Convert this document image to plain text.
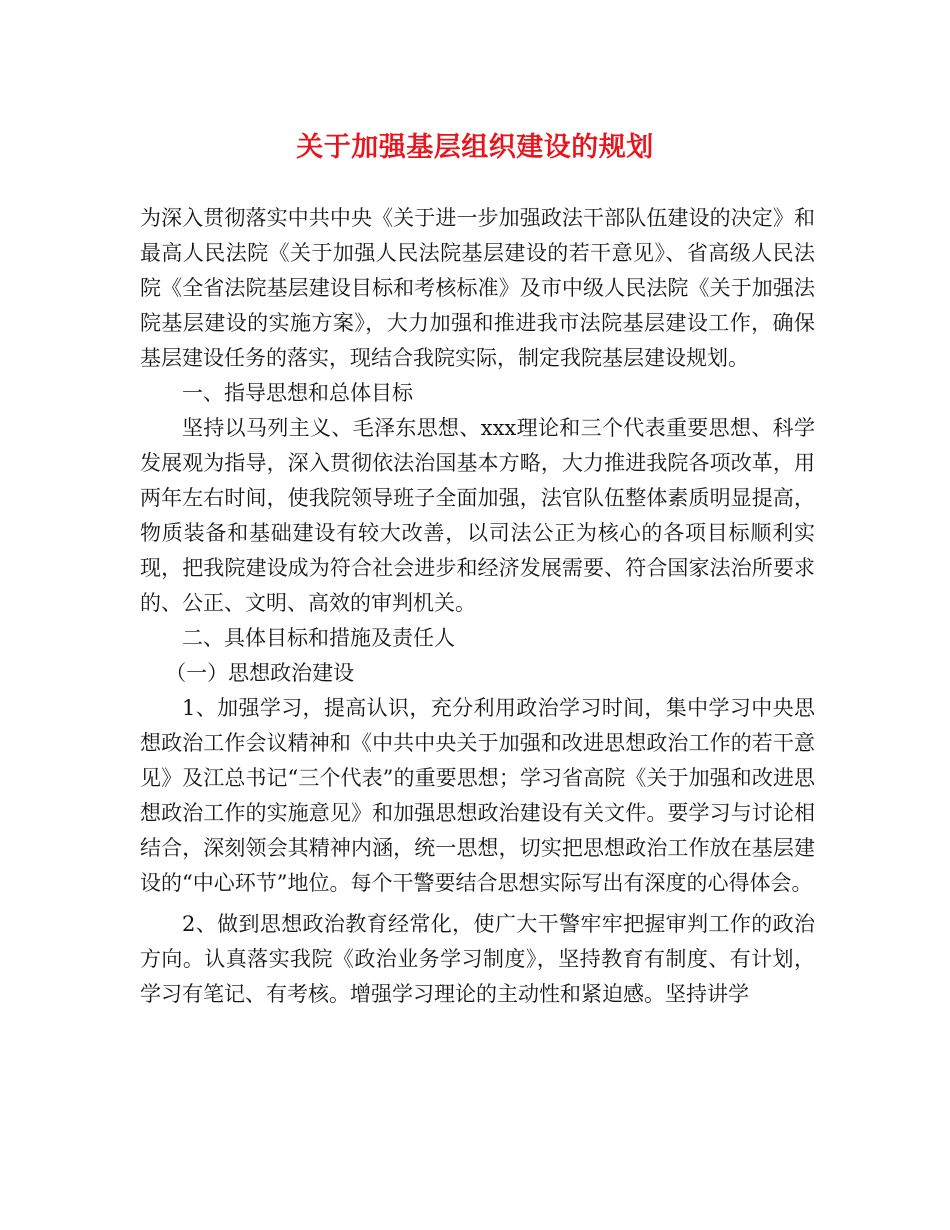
关于加强基层组织建设的规划

为深入贯彻落实中共中央《关于进一步加强政法干部队伍建设的决定》和最高人民法院《关于加强人民法院基层建设的若干意见》、省高级人民法院《全省法院基层建设目标和考核标准》及市中级人民法院《关于加强法院基层建设的实施方案》，大力加强和推进我市法院基层建设工作，确保基层建设任务的落实，现结合我院实际，制定我院基层建设规划。

一、指导思想和总体目标

坚持以马列主义、毛泽东思想、xxx理论和三个代表重要思想、科学发展观为指导，深入贯彻依法治国基本方略，大力推进我院各项改革，用两年左右时间，使我院领导班子全面加强，法官队伍整体素质明显提高，物质装备和基础建设有较大改善，以司法公正为核心的各项目标顺利实现，把我院建设成为符合社会进步和经济发展需要、符合国家法治所要求的、公正、文明、高效的审判机关。

二、具体目标和措施及责任人

（一）思想政治建设

1、加强学习，提高认识，充分利用政治学习时间，集中学习中央思想政治工作会议精神和《中共中央关于加强和改进思想政治工作的若干意见》及江总书记“三个代表”的重要思想；学习省高院《关于加强和改进思想政治工作的实施意见》和加强思想政治建设有关文件。要学习与讨论相结合，深刻领会其精神内涵，统一思想，切实把思想政治工作放在基层建设的“中心环节”地位。每个干警要结合思想实际写出有深度的心得体会。

2、做到思想政治教育经常化，使广大干警牢牢把握审判工作的政治方向。认真落实我院《政治业务学习制度》，坚持教育有制度、有计划，学习有笔记、有考核。增强学习理论的主动性和紧迫感。坚持讲学
